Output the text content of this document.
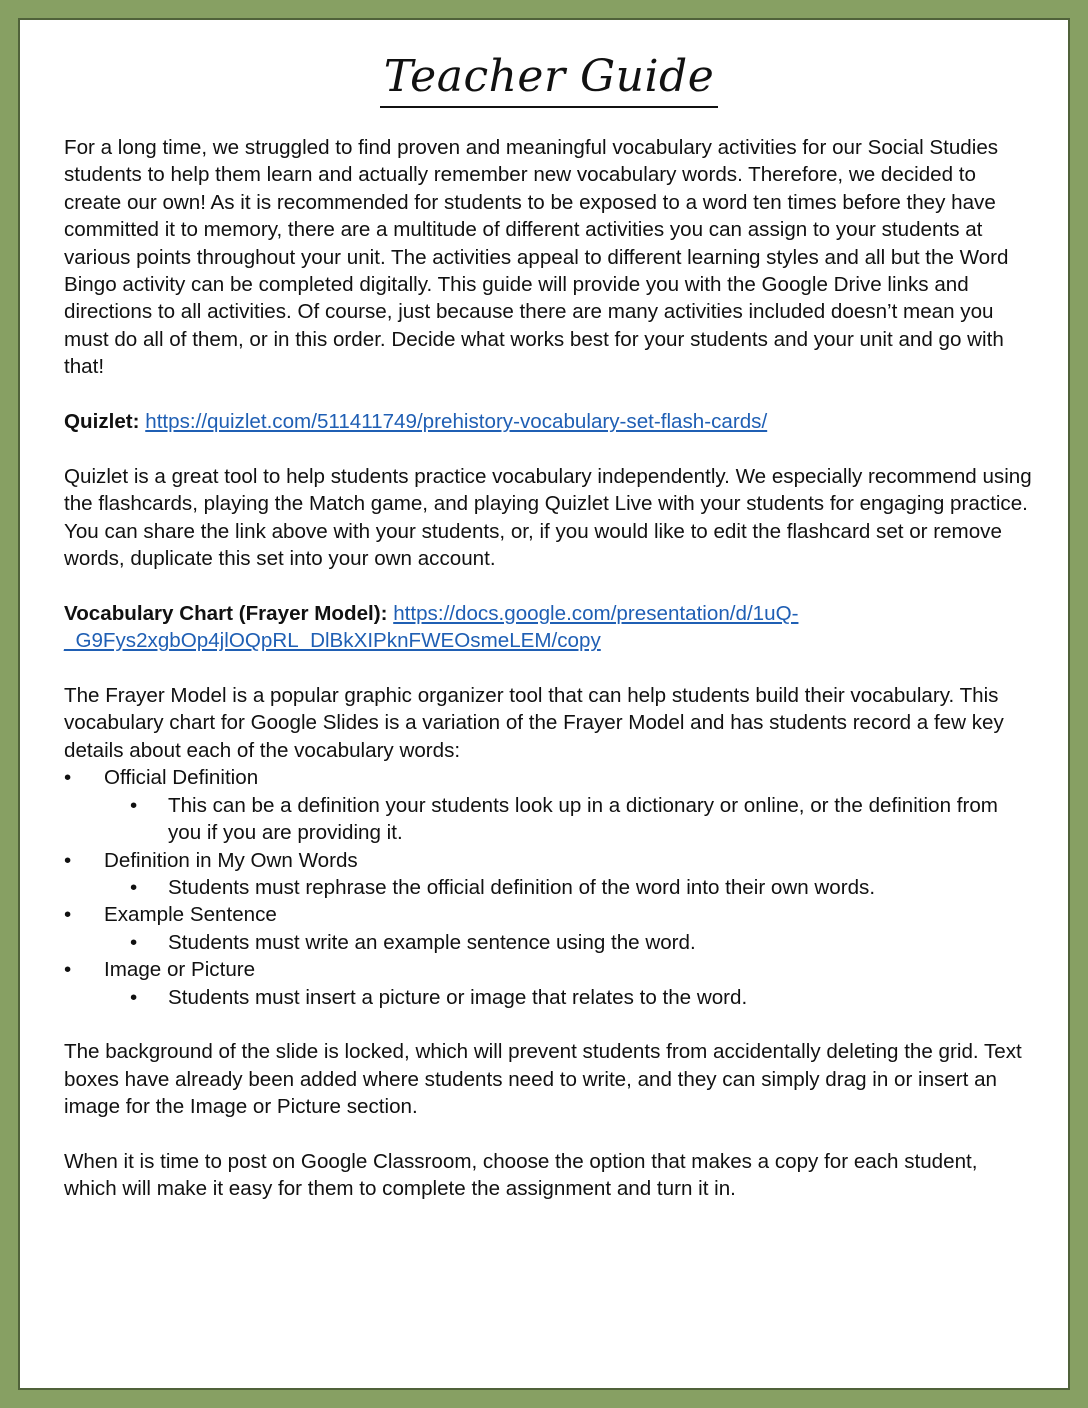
Teacher Guide

For a long time, we struggled to find proven and meaningful vocabulary activities for our Social Studies students to help them learn and actually remember new vocabulary words. Therefore, we decided to create our own! As it is recommended for students to be exposed to a word ten times before they have committed it to memory, there are a multitude of different activities you can assign to your students at various points throughout your unit. The activities appeal to different learning styles and all but the Word Bingo activity can be completed digitally. This guide will provide you with the Google Drive links and directions to all activities. Of course, just because there are many activities included doesn’t mean you must do all of them, or in this order. Decide what works best for your students and your unit and go with that!

Quizlet: https://quizlet.com/511411749/prehistory-vocabulary-set-flash-cards/

Quizlet is a great tool to help students practice vocabulary independently. We especially recommend using the flashcards, playing the Match game, and playing Quizlet Live with your students for engaging practice. You can share the link above with your students, or, if you would like to edit the flashcard set or remove words, duplicate this set into your own account.

Vocabulary Chart (Frayer Model): https://docs.google.com/presentation/d/1uQ-_G9Fys2xgbOp4jlOQpRL_DlBkXIPknFWEOsmeLEM/copy

The Frayer Model is a popular graphic organizer tool that can help students build their vocabulary. This vocabulary chart for Google Slides is a variation of the Frayer Model and has students record a few key details about each of the vocabulary words:

• Official Definition
• This can be a definition your students look up in a dictionary or online, or the definition from you if you are providing it.
• Definition in My Own Words
• Students must rephrase the official definition of the word into their own words.
• Example Sentence
• Students must write an example sentence using the word.
• Image or Picture
• Students must insert a picture or image that relates to the word.

The background of the slide is locked, which will prevent students from accidentally deleting the grid. Text boxes have already been added where students need to write, and they can simply drag in or insert an image for the Image or Picture section.

When it is time to post on Google Classroom, choose the option that makes a copy for each student, which will make it easy for them to complete the assignment and turn it in.
